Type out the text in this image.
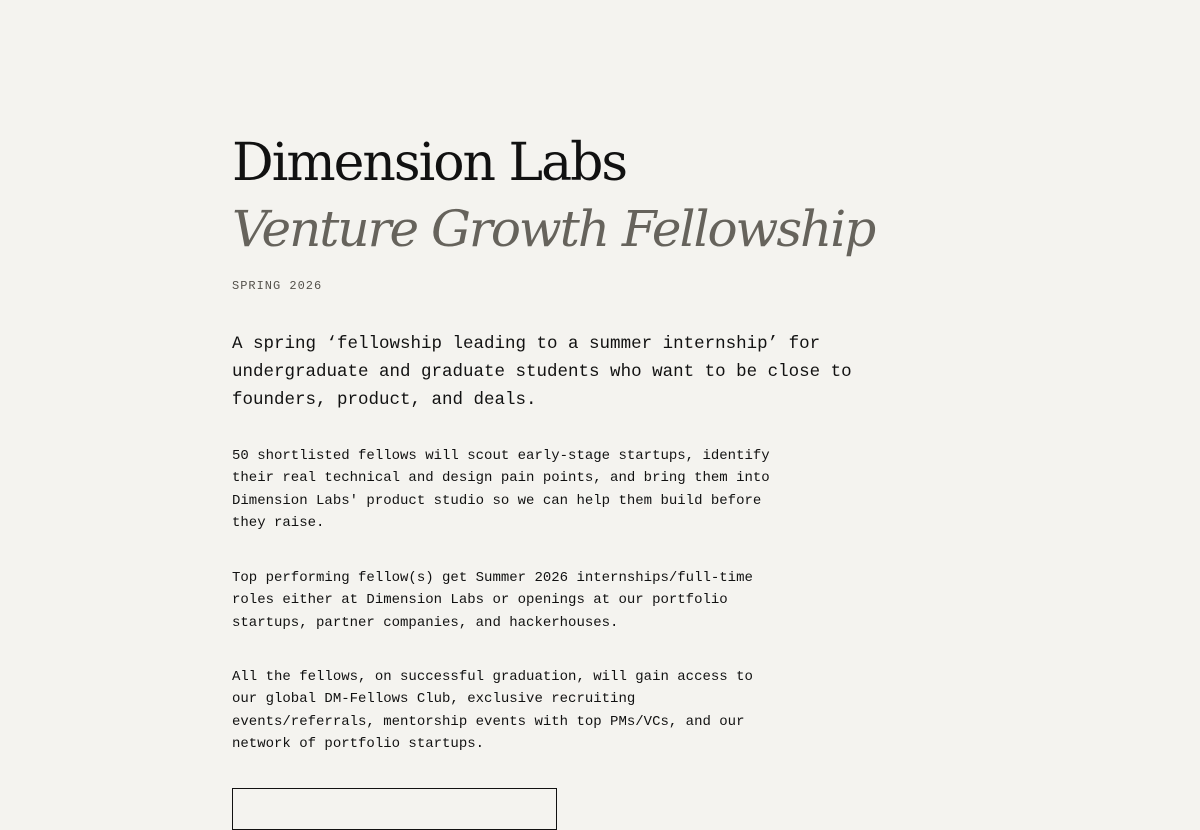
Dimension Labs
Venture Growth Fellowship
SPRING 2026

A spring ‘fellowship leading to a summer internship’ for undergraduate and graduate students who want to be close to founders, product, and deals.

50 shortlisted fellows will scout early-stage startups, identify their real technical and design pain points, and bring them into Dimension Labs' product studio so we can help them build before they raise.

Top performing fellow(s) get Summer 2026 internships/full-time roles either at Dimension Labs or openings at our portfolio startups, partner companies, and hackerhouses.

All the fellows, on successful graduation, will gain access to our global DM-Fellows Club, exclusive recruiting events/referrals, mentorship events with top PMs/VCs, and our network of portfolio startups.
